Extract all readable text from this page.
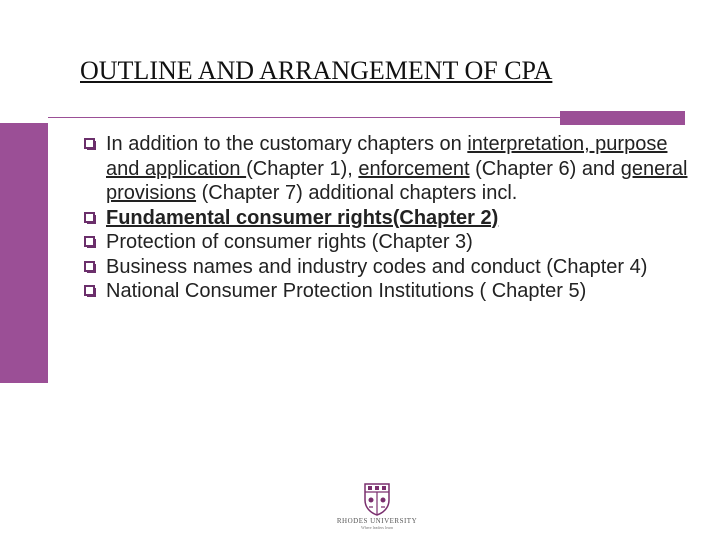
OUTLINE AND ARRANGEMENT OF CPA
In addition to the customary chapters on interpretation, purpose and application (Chapter 1), enforcement (Chapter 6) and general provisions (Chapter 7) additional chapters incl.
Fundamental consumer rights(Chapter 2)
Protection of consumer rights (Chapter 3)
Business names and industry codes and conduct (Chapter 4)
National Consumer Protection Institutions ( Chapter 5)
RHODES UNIVERSITY
Where leaders learn
